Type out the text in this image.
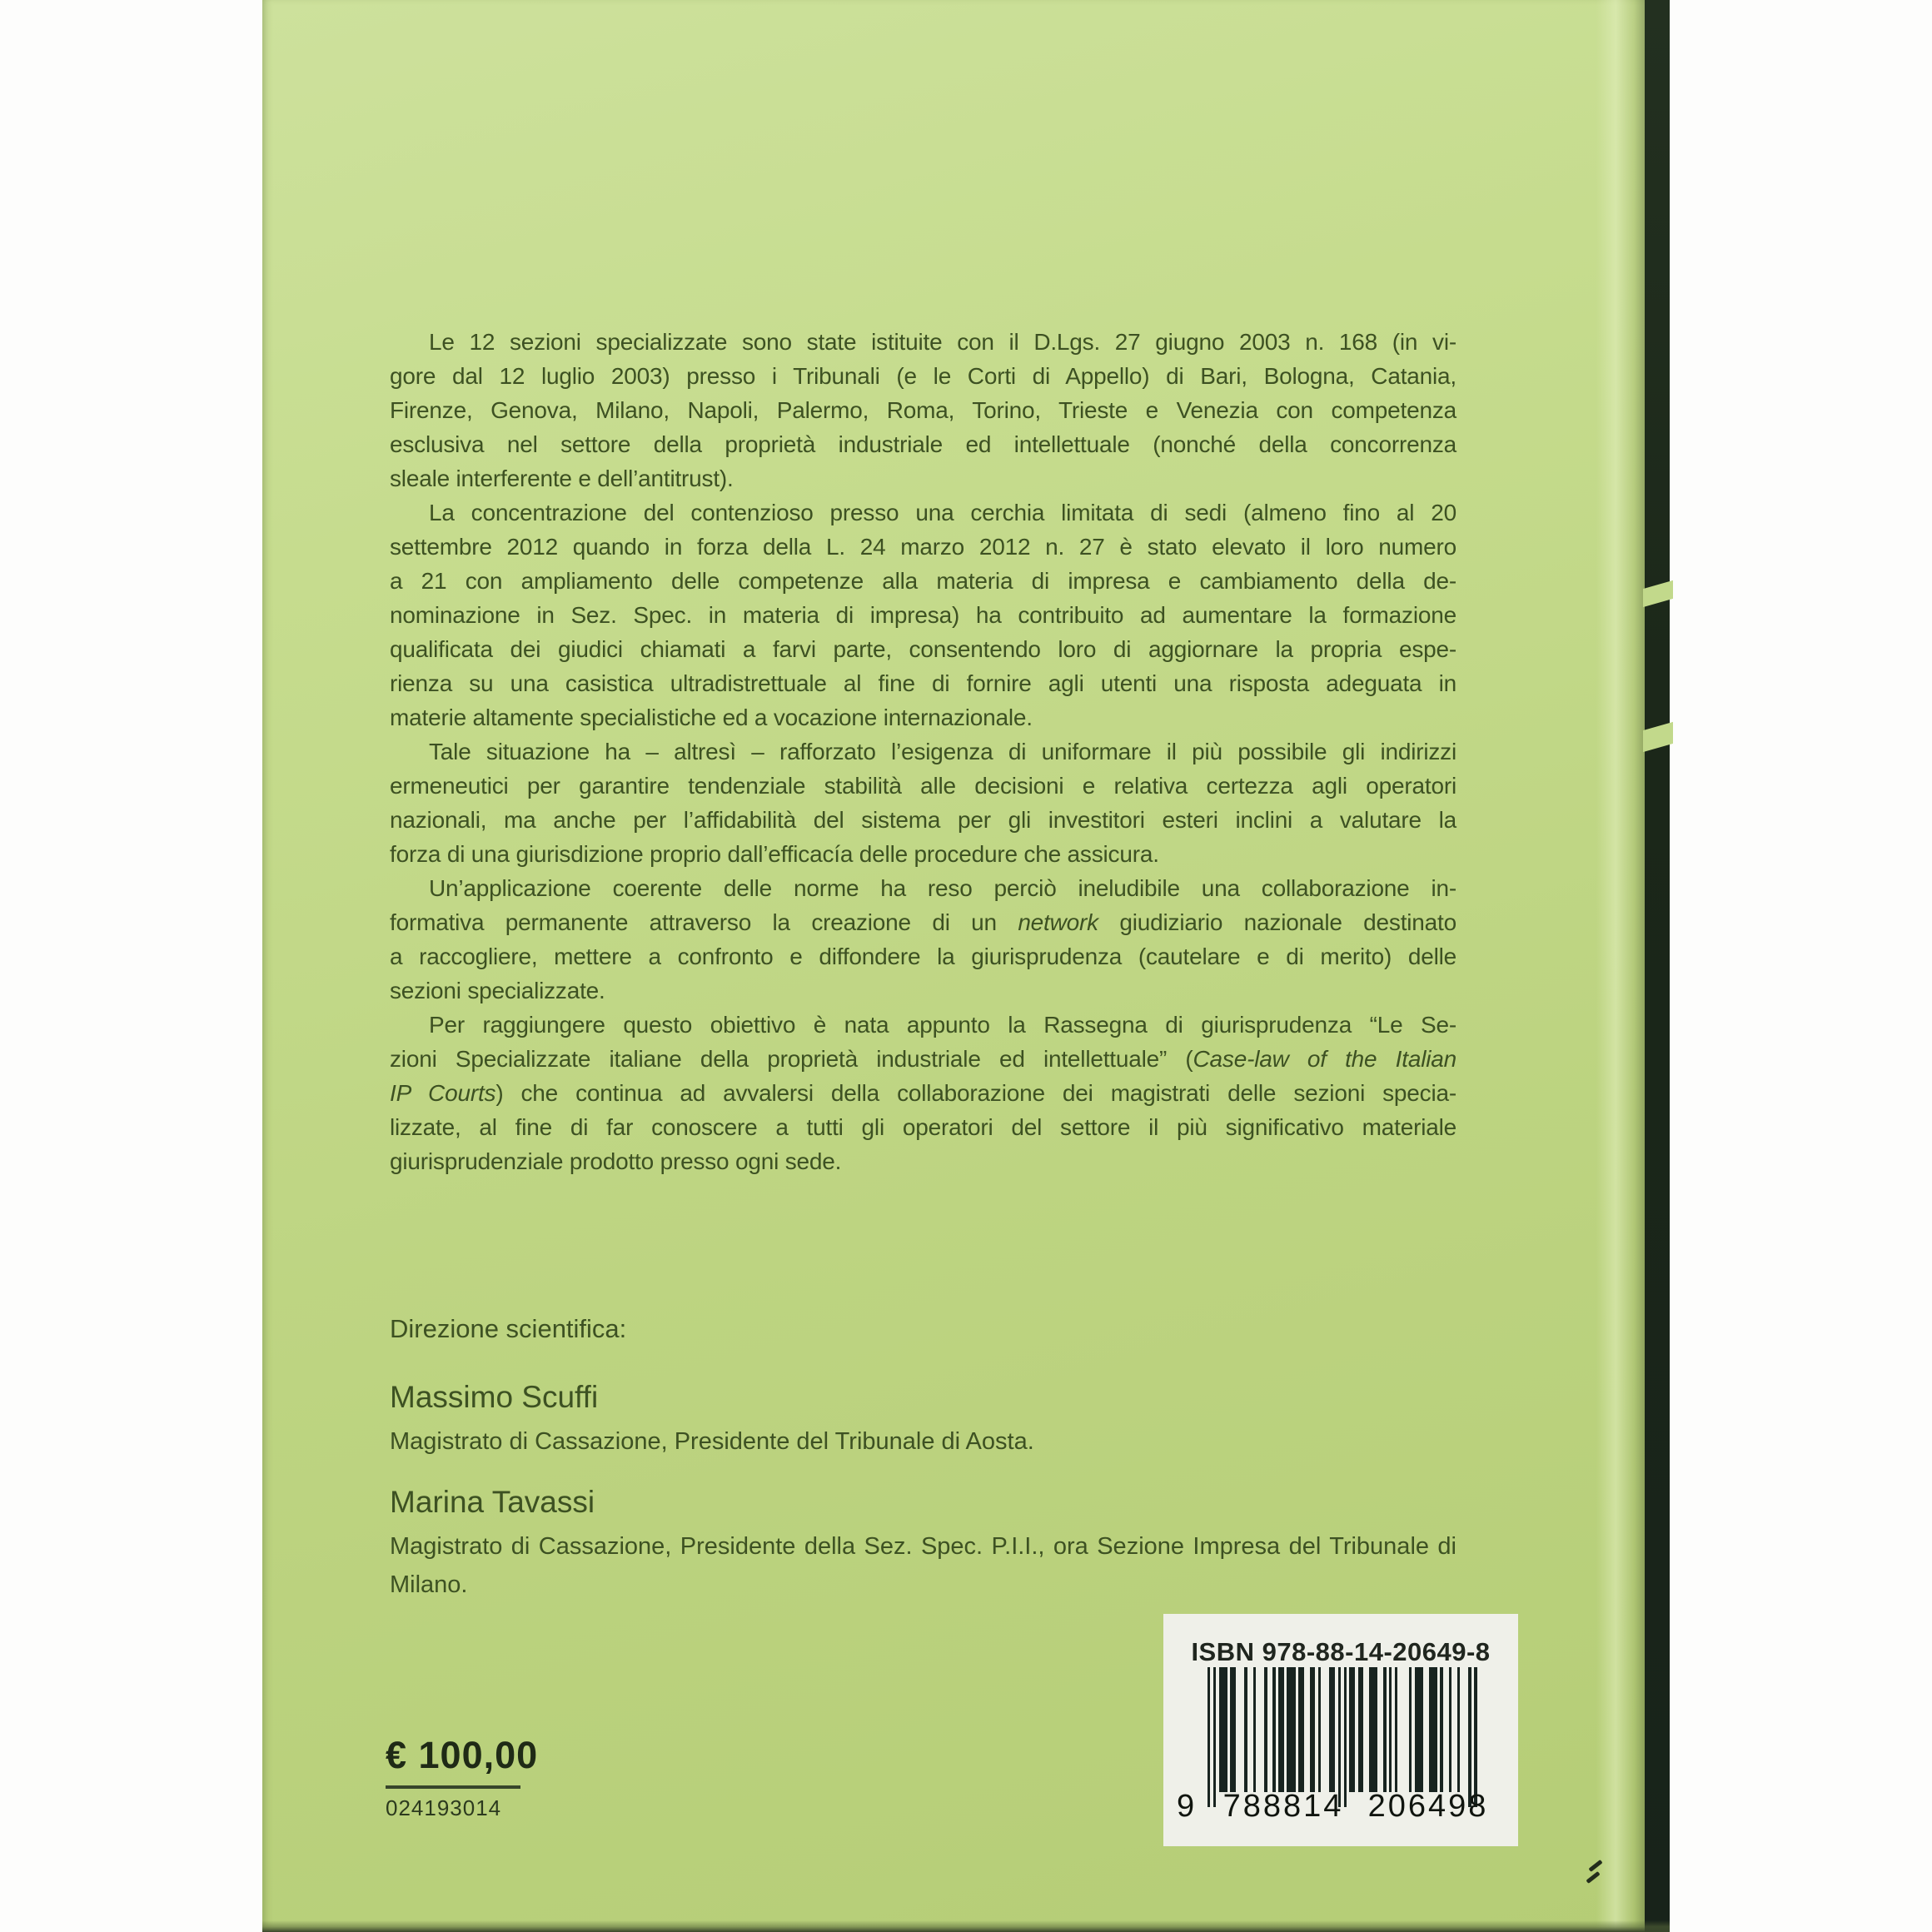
Le 12 sezioni specializzate sono state istituite con il D.Lgs. 27 giugno 2003 n. 168 (in vi-
gore dal 12 luglio 2003) presso i Tribunali (e le Corti di Appello) di Bari, Bologna, Catania,
Firenze, Genova, Milano, Napoli, Palermo, Roma, Torino, Trieste e Venezia con competenza
esclusiva nel settore della proprietà industriale ed intellettuale (nonché della concorrenza
sleale interferente e dell’antitrust).
La concentrazione del contenzioso presso una cerchia limitata di sedi (almeno fino al 20
settembre 2012 quando in forza della L. 24 marzo 2012 n. 27 è stato elevato il loro numero
a 21 con ampliamento delle competenze alla materia di impresa e cambiamento della de-
nominazione in Sez. Spec. in materia di impresa) ha contribuito ad aumentare la formazione
qualificata dei giudici chiamati a farvi parte, consentendo loro di aggiornare la propria espe-
rienza su una casistica ultradistrettuale al fine di fornire agli utenti una risposta adeguata in
materie altamente specialistiche ed a vocazione internazionale.
Tale situazione ha – altresì – rafforzato l’esigenza di uniformare il più possibile gli indirizzi
ermeneutici per garantire tendenziale stabilità alle decisioni e relativa certezza agli operatori
nazionali, ma anche per l’affidabilità del sistema per gli investitori esteri inclini a valutare la
forza di una giurisdizione proprio dall’efficacía delle procedure che assicura.
Un’applicazione coerente delle norme ha reso perciò ineludibile una collaborazione in-
formativa permanente attraverso la creazione di un network giudiziario nazionale destinato
a raccogliere, mettere a confronto e diffondere la giurisprudenza (cautelare e di merito) delle
sezioni specializzate.
Per raggiungere questo obiettivo è nata appunto la Rassegna di giurisprudenza “Le Se-
zioni Specializzate italiane della proprietà industriale ed intellettuale” (Case-law of the Italian
IP Courts) che continua ad avvalersi della collaborazione dei magistrati delle sezioni specia-
lizzate, al fine di far conoscere a tutti gli operatori del settore il più significativo materiale
giurisprudenziale prodotto presso ogni sede.
Direzione scientifica:
Massimo Scuffi
Magistrato di Cassazione, Presidente del Tribunale di Aosta.
Marina Tavassi
Magistrato di Cassazione, Presidente della Sez. Spec. P.I.I., ora Sezione Impresa del Tribunale di
Milano.
€ 100,00
024193014
ISBN 978-88-14-20649-8
9 788814 206498
